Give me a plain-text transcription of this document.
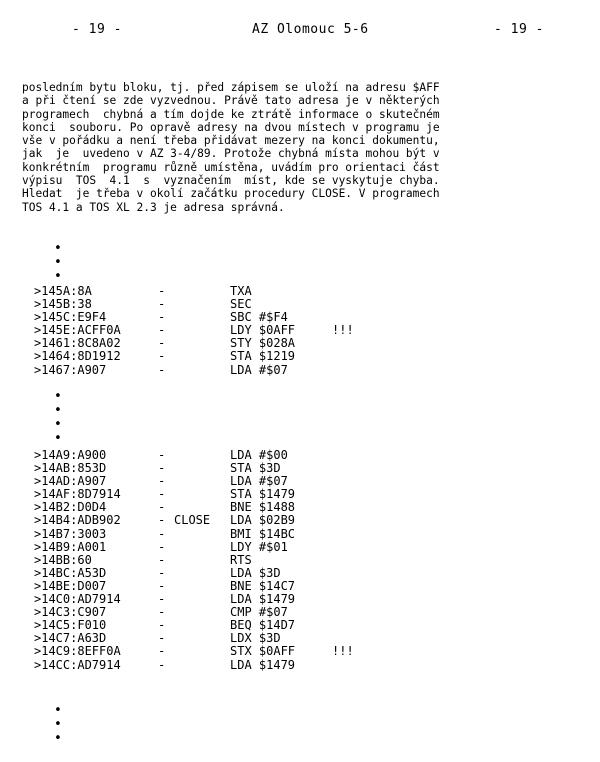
- 19 -	AZ Olomouc 5-6	- 19 -
posledním bytu bloku, tj. před zápisem se uloží na adresu $AFF
a při čtení se zde vyzvednou. Právě tato adresa je v některých
programech  chybná a tím dojde ke ztrátě informace o skutečném
konci  souboru. Po opravě adresy na dvou místech v programu je
vše v pořádku a není třeba přidávat mezery na konci dokumentu,
jak  je  uvedeno v AZ 3-4/89. Protože chybná místa mohou být v
konkrétním  programu různě umístěna, uvádím pro orientaci část
výpisu  TOS  4.1  s  vyznačením  míst, kde se vyskytuje chyba.
Hledat  je třeba v okolí začátku procedury CLOSE. V programech
TOS 4.1 a TOS XL 2.3 je adresa správná.
•
•
•
>145A:8A	-	TXA
>145B:38	-	SEC
>145C:E9F4	-	SBC #$F4
>145E:ACFF0A	-	LDY $0AFF	!!!
>1461:8C8A02	-	STY $028A
>1464:8D1912	-	STA $1219
>1467:A907	-	LDA #$07
•
•
•
•
>14A9:A900	-	LDA #$00
>14AB:853D	-	STA $3D
>14AD:A907	-	LDA #$07
>14AF:8D7914	-	STA $1479
>14B2:D0D4	-	BNE $1488
>14B4:ADB902	- CLOSE LDA $02B9
>14B7:3003	-	BMI $14BC
>14B9:A001	-	LDY #$01
>14BB:60	-	RTS
>14BC:A53D	-	LDA $3D
>14BE:D007	-	BNE $14C7
>14C0:AD7914	-	LDA $1479
>14C3:C907	-	CMP #$07
>14C5:F010	-	BEQ $14D7
>14C7:A63D	-	LDX $3D
>14C9:8EFF0A	-	STX $0AFF	!!!
>14CC:AD7914	-	LDA $1479
•
•
•
